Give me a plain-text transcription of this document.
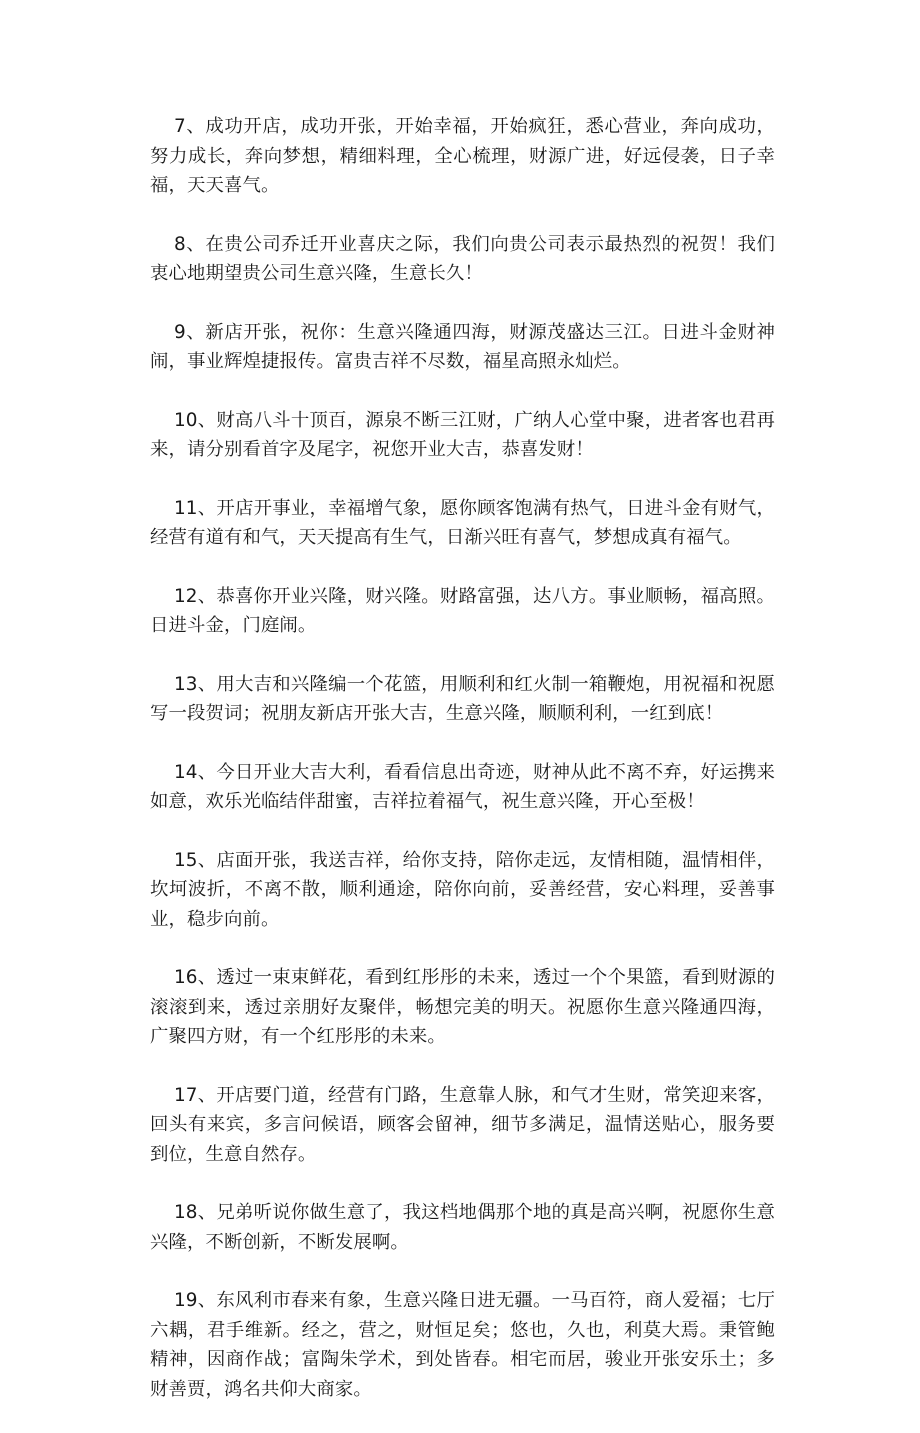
7、成功开店，成功开张，开始幸福，开始疯狂，悉心营业，奔向成功，努力成长，奔向梦想，精细料理，全心梳理，财源广进，好远侵袭，日子幸福，天天喜气。

8、在贵公司乔迁开业喜庆之际，我们向贵公司表示最热烈的祝贺！我们衷心地期望贵公司生意兴隆，生意长久！

9、新店开张，祝你：生意兴隆通四海，财源茂盛达三江。日进斗金财神闹，事业辉煌捷报传。富贵吉祥不尽数，福星高照永灿烂。

10、财高八斗十顶百，源泉不断三江财，广纳人心堂中聚，进者客也君再来，请分别看首字及尾字，祝您开业大吉，恭喜发财！

11、开店开事业，幸福增气象，愿你顾客饱满有热气，日进斗金有财气，经营有道有和气，天天提高有生气，日渐兴旺有喜气，梦想成真有福气。

12、恭喜你开业兴隆，财兴隆。财路富强，达八方。事业顺畅，福高照。日进斗金，门庭闹。

13、用大吉和兴隆编一个花篮，用顺利和红火制一箱鞭炮，用祝福和祝愿写一段贺词；祝朋友新店开张大吉，生意兴隆，顺顺利利，一红到底！

14、今日开业大吉大利，看看信息出奇迹，财神从此不离不弃，好运携来如意，欢乐光临结伴甜蜜，吉祥拉着福气，祝生意兴隆，开心至极！

15、店面开张，我送吉祥，给你支持，陪你走远，友情相随，温情相伴，坎坷波折，不离不散，顺利通途，陪你向前，妥善经营，安心料理，妥善事业，稳步向前。

16、透过一束束鲜花，看到红彤彤的未来，透过一个个果篮，看到财源的滚滚到来，透过亲朋好友聚伴，畅想完美的明天。祝愿你生意兴隆通四海，广聚四方财，有一个红彤彤的未来。

17、开店要门道，经营有门路，生意靠人脉，和气才生财，常笑迎来客，回头有来宾，多言问候语，顾客会留神，细节多满足，温情送贴心，服务要到位，生意自然存。

18、兄弟听说你做生意了，我这档地偶那个地的真是高兴啊，祝愿你生意兴隆，不断创新，不断发展啊。

19、东风利市春来有象，生意兴隆日进无疆。一马百符，商人爱福；七厅六耦，君手维新。经之，营之，财恒足矣；悠也，久也，利莫大焉。秉管鲍精神，因商作战；富陶朱学术，到处皆春。相宅而居，骏业开张安乐土；多财善贾，鸿名共仰大商家。
